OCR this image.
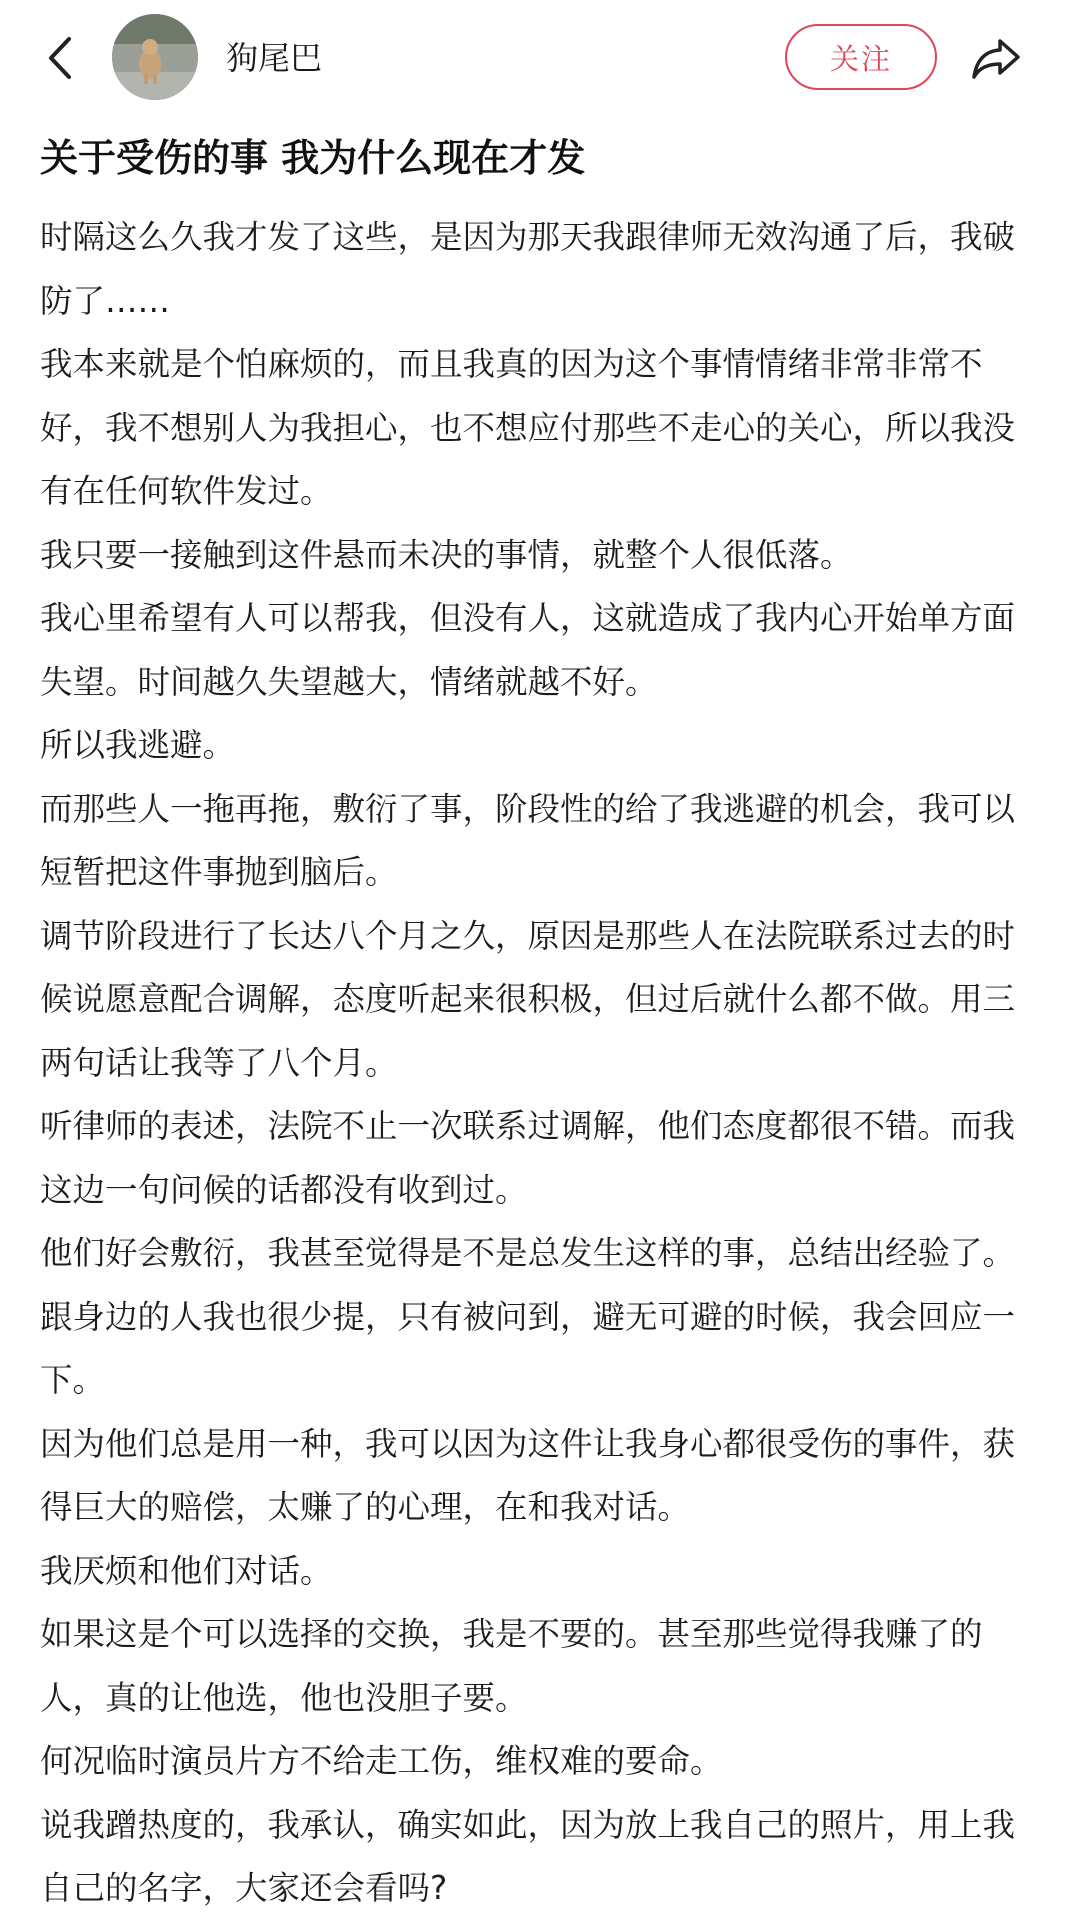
狗尾巴	关注
关于受伤的事 我为什么现在才发

时隔这么久我才发了这些，是因为那天我跟律师无效沟通了后，我破防了……

我本来就是个怕麻烦的，而且我真的因为这个事情情绪非常非常不好，我不想别人为我担心，也不想应付那些不走心的关心，所以我没有在任何软件发过。

我只要一接触到这件悬而未决的事情，就整个人很低落。

我心里希望有人可以帮我，但没有人，这就造成了我内心开始单方面失望。时间越久失望越大，情绪就越不好。

所以我逃避。

而那些人一拖再拖，敷衍了事，阶段性的给了我逃避的机会，我可以短暂把这件事抛到脑后。

调节阶段进行了长达八个月之久，原因是那些人在法院联系过去的时候说愿意配合调解，态度听起来很积极，但过后就什么都不做。用三两句话让我等了八个月。

听律师的表述，法院不止一次联系过调解，他们态度都很不错。而我这边一句问候的话都没有收到过。

他们好会敷衍，我甚至觉得是不是总发生这样的事，总结出经验了。

跟身边的人我也很少提，只有被问到，避无可避的时候，我会回应一下。

因为他们总是用一种，我可以因为这件让我身心都很受伤的事件，获得巨大的赔偿，太赚了的心理，在和我对话。

我厌烦和他们对话。

如果这是个可以选择的交换，我是不要的。甚至那些觉得我赚了的人，真的让他选，他也没胆子要。

何况临时演员片方不给走工伤，维权难的要命。

说我蹭热度的，我承认，确实如此，因为放上我自己的照片，用上我自己的名字，大家还会看吗?
